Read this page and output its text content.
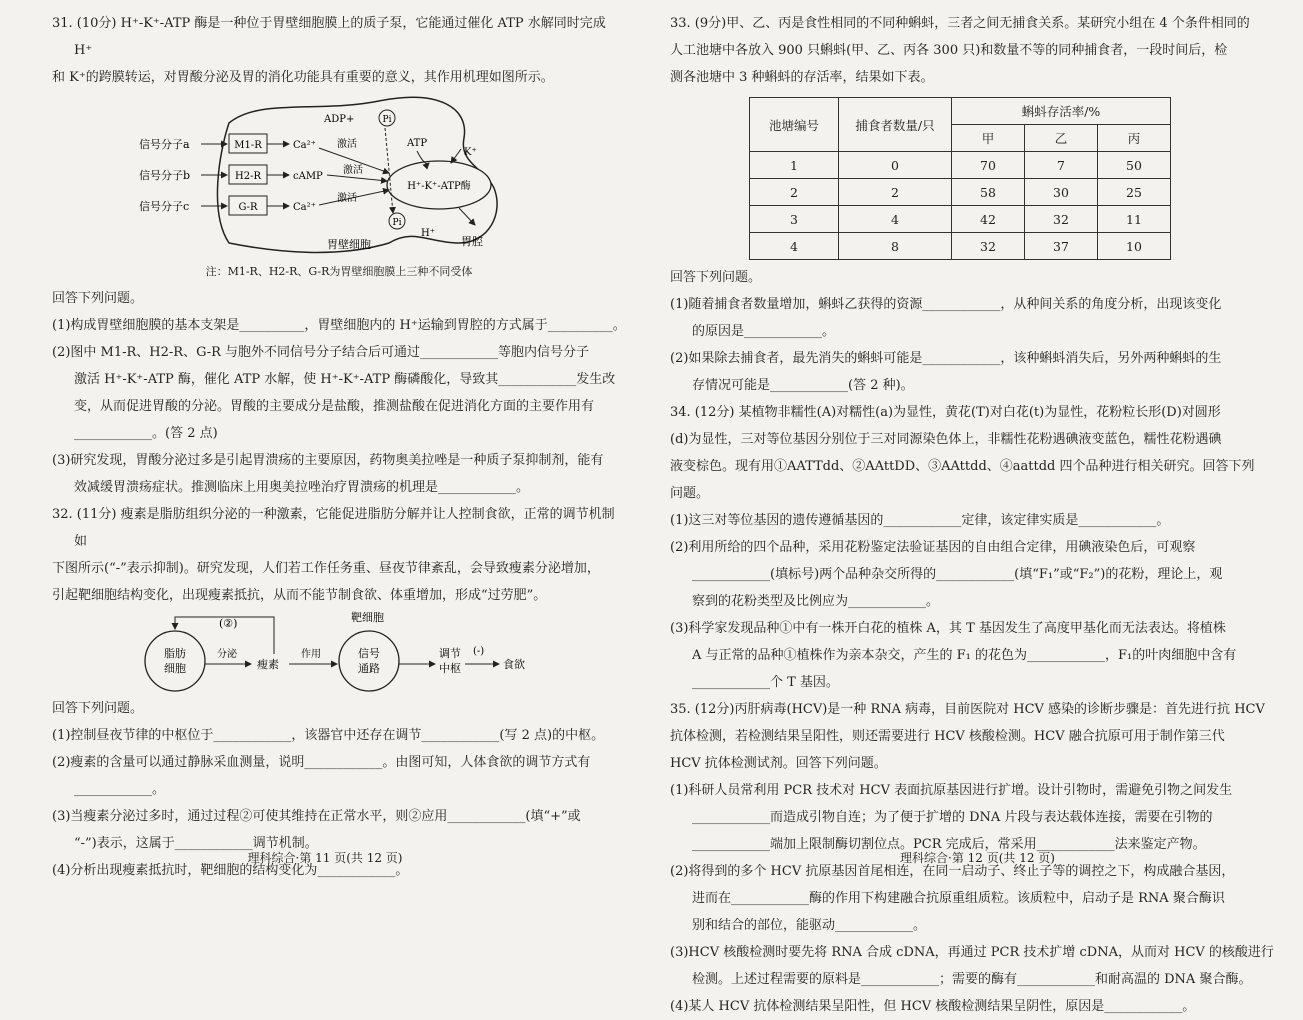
31. (10分) H⁺-K⁺-ATP 酶是一种位于胃壁细胞膜上的质子泵，它能通过催化 ATP 水解同时完成 H⁺

和 K⁺的跨膜转运，对胃酸分泌及胃的消化功能具有重要的意义，其作用机理如图所示。

H⁺-K⁺-ATP酶
信号分子a
信号分子b
信号分子c
M1-R
H2-R
G-R
Ca²⁺
cAMP
Ca²⁺
激活
激活
激活
ADP+	Pi
Pi
ATP
K⁺
H⁺
胃壁细胞	胃腔

注：M1-R、H2-R、G-R为胃壁细胞膜上三种不同受体

回答下列问题。

(1)构成胃壁细胞膜的基本支架是__________，胃壁细胞内的 H⁺运输到胃腔的方式属于__________。

(2)图中 M1-R、H2-R、G-R 与胞外不同信号分子结合后可通过____________等胞内信号分子

激活 H⁺-K⁺-ATP 酶，催化 ATP 水解，使 H⁺-K⁺-ATP 酶磷酸化，导致其____________发生改

变，从而促进胃酸的分泌。胃酸的主要成分是盐酸，推测盐酸在促进消化方面的主要作用有

____________。(答 2 点)

(3)研究发现，胃酸分泌过多是引起胃溃疡的主要原因，药物奥美拉唑是一种质子泵抑制剂，能有

效减缓胃溃疡症状。推测临床上用奥美拉唑治疗胃溃疡的机理是____________。

32. (11分) 瘦素是脂肪组织分泌的一种激素，它能促进脂肪分解并让人控制食欲，正常的调节机制如

下图所示(“-”表示抑制)。研究发现，人们若工作任务重、昼夜节律紊乱，会导致瘦素分泌增加，

引起靶细胞结构变化，出现瘦素抵抗，从而不能节制食欲、体重增加，形成“过劳肥”。

脂肪
细胞
(②)
分泌
瘦素
作用
靶细胞
信号
通路
调节
中枢
(-)
食欲

回答下列问题。

(1)控制昼夜节律的中枢位于____________，该器官中还存在调节____________(写 2 点)的中枢。

(2)瘦素的含量可以通过静脉采血测量，说明____________。由图可知，人体食欲的调节方式有

____________。

(3)当瘦素分泌过多时，通过过程②可使其维持在正常水平，则②应用____________(填“+”或

“-”)表示，这属于____________调节机制。

(4)分析出现瘦素抵抗时，靶细胞的结构变化为____________。

理科综合·第 11 页(共 12 页)

33. (9分)甲、乙、丙是食性相同的不同种蝌蚪，三者之间无捕食关系。某研究小组在 4 个条件相同的

人工池塘中各放入 900 只蝌蚪(甲、乙、丙各 300 只)和数量不等的同种捕食者，一段时间后，检

测各池塘中 3 种蝌蚪的存活率，结果如下表。

池塘编号	捕食者数量/只	蝌蚪存活率/%		
		甲	乙	丙
1	0	70	7	50
2	2	58	30	25
3	4	42	32	11
4	8	32	37	10

回答下列问题。

(1)随着捕食者数量增加，蝌蚪乙获得的资源____________，从种间关系的角度分析，出现该变化

的原因是____________。

(2)如果除去捕食者，最先消失的蝌蚪可能是____________，该种蝌蚪消失后，另外两种蝌蚪的生

存情况可能是____________(答 2 种)。

34. (12分) 某植物非糯性(A)对糯性(a)为显性，黄花(T)对白花(t)为显性，花粉粒长形(D)对圆形

(d)为显性，三对等位基因分别位于三对同源染色体上，非糯性花粉遇碘液变蓝色，糯性花粉遇碘

液变棕色。现有用①AATTdd、②AAttDD、③AAttdd、④aattdd 四个品种进行相关研究。回答下列

问题。

(1)这三对等位基因的遗传遵循基因的____________定律，该定律实质是____________。

(2)利用所给的四个品种，采用花粉鉴定法验证基因的自由组合定律，用碘液染色后，可观察

____________(填标号)两个品种杂交所得的____________(填“F₁”或“F₂”)的花粉，理论上，观

察到的花粉类型及比例应为____________。

(3)科学家发现品种①中有一株开白花的植株 A，其 T 基因发生了高度甲基化而无法表达。将植株

A 与正常的品种①植株作为亲本杂交，产生的 F₁ 的花色为____________，F₁的叶肉细胞中含有

____________个 T 基因。

35. (12分)丙肝病毒(HCV)是一种 RNA 病毒，目前医院对 HCV 感染的诊断步骤是：首先进行抗 HCV

抗体检测，若检测结果呈阳性，则还需要进行 HCV 核酸检测。HCV 融合抗原可用于制作第三代

HCV 抗体检测试剂。回答下列问题。

(1)科研人员常利用 PCR 技术对 HCV 表面抗原基因进行扩增。设计引物时，需避免引物之间发生

____________而造成引物自连；为了便于扩增的 DNA 片段与表达载体连接，需要在引物的

____________端加上限制酶切割位点。PCR 完成后，常采用____________法来鉴定产物。

(2)将得到的多个 HCV 抗原基因首尾相连，在同一启动子、终止子等的调控之下，构成融合基因，

进而在____________酶的作用下构建融合抗原重组质粒。该质粒中，启动子是 RNA 聚合酶识

别和结合的部位，能驱动____________。

(3)HCV 核酸检测时要先将 RNA 合成 cDNA，再通过 PCR 技术扩增 cDNA，从而对 HCV 的核酸进行

检测。上述过程需要的原料是____________；需要的酶有____________和耐高温的 DNA 聚合酶。

(4)某人 HCV 抗体检测结果呈阳性，但 HCV 核酸检测结果呈阴性，原因是____________。

理科综合·第 12 页(共 12 页)
